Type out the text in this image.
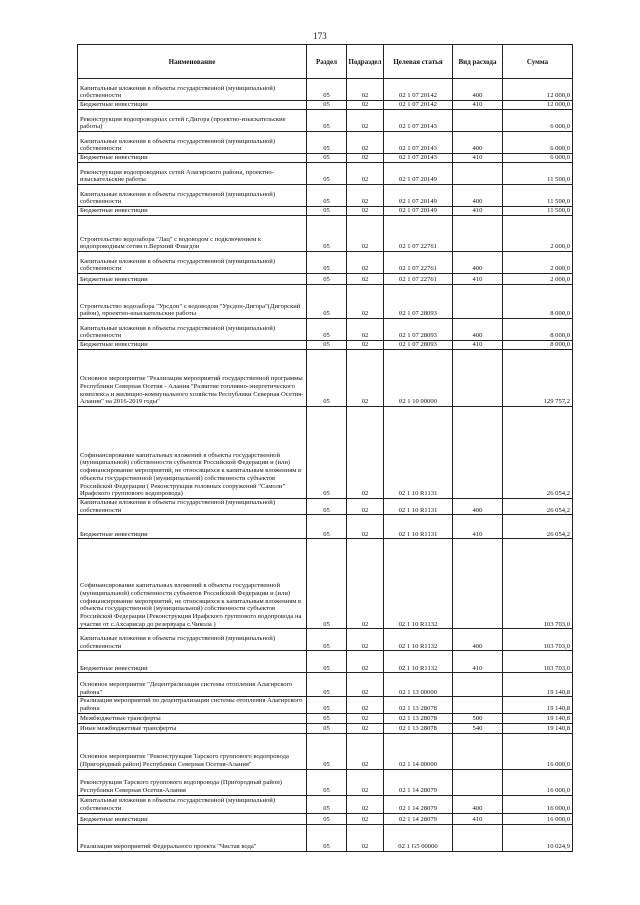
173
Наименование	Раздел	Подраздел	Целевая статья	Вид расхода	Сумма
Капитальные вложения в объекты государственной (муниципальной) собственности	05	02	02 1 07 20142	400	12 000,0
Бюджетные инвестиции	05	02	02 1 07 20142	410	12 000,0
Реконструкция водопроводных сетей г.Дигора (проектно-изыскательские работы)	05	02	02 1 07 20143		6 000,0
Капитальные вложения в объекты государственной (муниципальной) собственности	05	02	02 1 07 20143	400	6 000,0
Бюджетные инвестиции	05	02	02 1 07 20143	410	6 000,0
Реконструкция водопроводных сетей Алагирского района, проектно-изыскательские работы	05	02	02 1 07 20149		11 500,0
Капитальные вложения в объекты государственной (муниципальной) собственности	05	02	02 1 07 20149	400	11 500,0
Бюджетные инвестиции	05	02	02 1 07 20149	410	11 500,0
Строительство водозабора "Лац" с водоводом с подключением к водопроводным сетям п.Верхний Фиагдон	05	02	02 1 07 22761		2 000,0
Капитальные вложения в объекты государственной (муниципальной) собственности	05	02	02 1 07 22761	400	2 000,0
Бюджетные инвестиции	05	02	02 1 07 22761	410	2 000,0
Строительство водозабора "Урсдон" с водоводом "Урсдон-Дигора"(Дигорский район), проектно-изыскательские работы	05	02	02 1 07 28093		8 000,0
Капитальные вложения в объекты государственной (муниципальной) собственности	05	02	02 1 07 28093	400	8 000,0
Бюджетные инвестиции	05	02	02 1 07 28093	410	8 000,0
Основное мероприятие "Реализация мероприятий государственной программы Республики Северная Осетия - Алания "Развитие топливно-энергетического комплекса и жилищно-коммунального хозяйства Республики Северная Осетия-Алания" на 2016-2019 годы"	05	02	02 1 10 00000		129 757,2
Софинансирование капитальных вложений в объекты государственной (муниципальной) собственности субъектов Российской Федерации и (или) софинансирование мероприятий, не относящихся к капитальным вложениям в объекты государственной (муниципальной) собственности субъектов Российской Федерации ( Реконструкция головных сооружений "Самоли" Ирафского группового водопровода)	05	02	02 1 10 R1131		26 054,2
Капитальные вложения в объекты государственной (муниципальной) собственности	05	02	02 1 10 R1131	400	26 054,2
Бюджетные инвестиции	05	02	02 1 10 R1131	410	26 054,2
Софинансирование капитальных вложений в объекты государственной (муниципальной) собственности субъектов Российской Федерации и (или) софинансирование мероприятий, не относящихся к капитальным вложениям в объекты государственной (муниципальной) собственности субъектов Российской Федерации (Реконструкция Ирафского группового водопровода на участке от с.Ахсарисар до резервуара с.Чикола )	05	02	02 1 10 R1132		103 703,0
Капитальные вложения в объекты государственной (муниципальной) собственности	05	02	02 1 10 R1132	400	103 703,0
Бюджетные инвестиции	05	02	02 1 10 R1132	410	103 703,0
Основное мероприятие "Децентрализация системы отопления Алагирского района"	05	02	02 1 13 00000		19 140,8
Реализация мероприятий по децентрализации системы отопления Алагирского района	05	02	02 1 13 28078		19 140,8
Межбюджетные трансферты	05	02	02 1 13 28078	500	19 140,8
Иные межбюджетные трансферты	05	02	02 1 13 28078	540	19 140,8
Основное мероприятие "Реконструкция Тарского группового водопровода (Пригородный район) Республики Северная Осетия-Алания"	05	02	02 1 14 00000		16 000,0
Реконструкция Тарского группового водопровода (Пригородный район) Республики Северная Осетия-Алания	05	02	02 1 14 28079		16 000,0
Капитальные вложения в объекты государственной (муниципальной) собственности	05	02	02 1 14 28079	400	16 000,0
Бюджетные инвестиции	05	02	02 1 14 28079	410	16 000,0
Реализация мероприятий Федерального проекта "Чистая вода"	05	02	02 1 G5 00000		10 024,9
